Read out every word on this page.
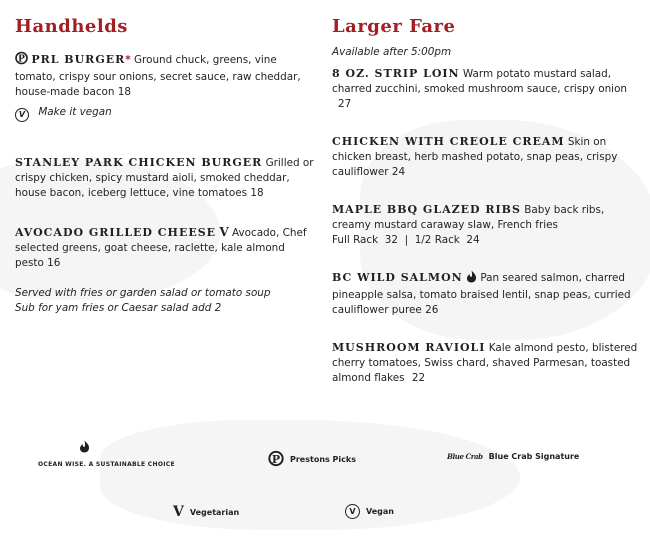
Handhelds
P PRL BURGER* Ground chuck, greens, vine tomato, crispy sour onions, secret sauce, raw cheddar, house-made bacon 18
V Make it vegan
STANLEY PARK CHICKEN BURGER Grilled or crispy chicken, spicy mustard aioli, smoked cheddar, house bacon, iceberg lettuce, vine tomatoes 18
AVOCADO GRILLED CHEESE V Avocado, Chef selected greens, goat cheese, raclette, kale almond pesto 16
Served with fries or garden salad or tomato soup
Sub for yam fries or Caesar salad add 2
Larger Fare
Available after 5:00pm
8 OZ. STRIP LOIN Warm potato mustard salad, charred zucchini, smoked mushroom sauce, crispy onion 27
CHICKEN WITH CREOLE CREAM Skin on chicken breast, herb mashed potato, snap peas, crispy cauliflower 24
MAPLE BBQ GLAZED RIBS Baby back ribs, creamy mustard caraway slaw, French fries
Full Rack  32  |  1/2 Rack  24
BC WILD SALMON  Pan seared salmon, charred pineapple salsa, tomato braised lentil, snap peas, curried cauliflower puree 26
MUSHROOM RAVIOLI Kale almond pesto, blistered cherry tomatoes, Swiss chard, shaved Parmesan, toasted almond flakes 22
OCEAN WISE. A SUSTAINABLE CHOICE	P Prestons Picks	Blue Crab Blue Crab Signature
V Vegetarian	V	Vegan
